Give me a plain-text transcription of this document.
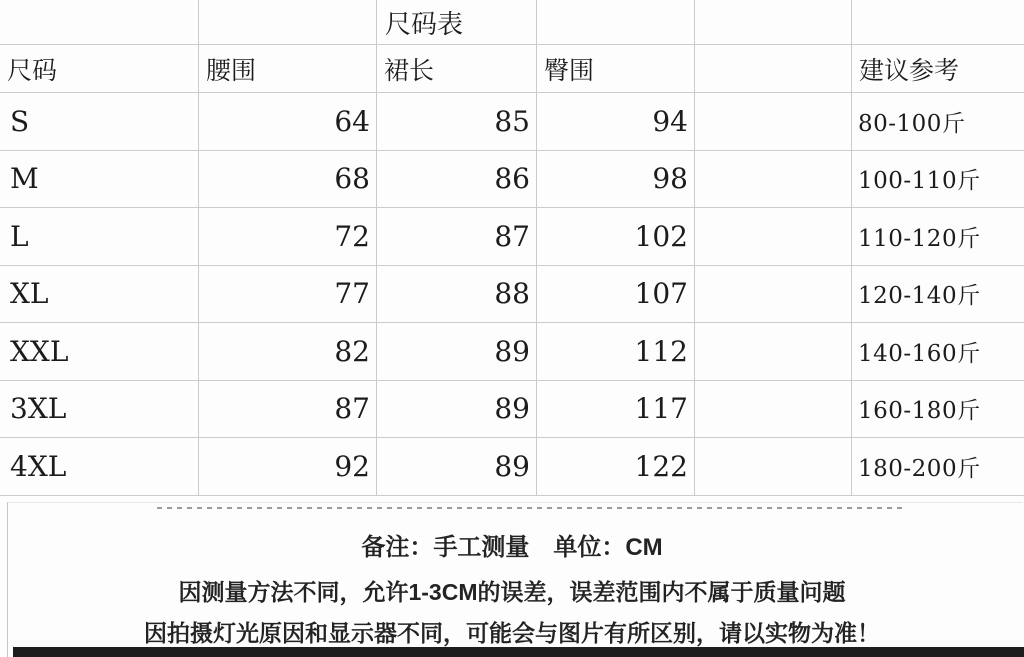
尺码表
尺码	腰围	裙长	臀围	建议参考
S	64	85	94	80-100斤
M	68	86	98	100-110斤
L	72	87	102	110-120斤
XL	77	88	107	120-140斤
XXL	82	89	112	140-160斤
3XL	87	89	117	160-180斤
4XL	92	89	122	180-200斤
备注：手工测量　单位：CM
因测量方法不同，允许1-3CM的误差，误差范围内不属于质量问题
因拍摄灯光原因和显示器不同，可能会与图片有所区别，请以实物为准！
